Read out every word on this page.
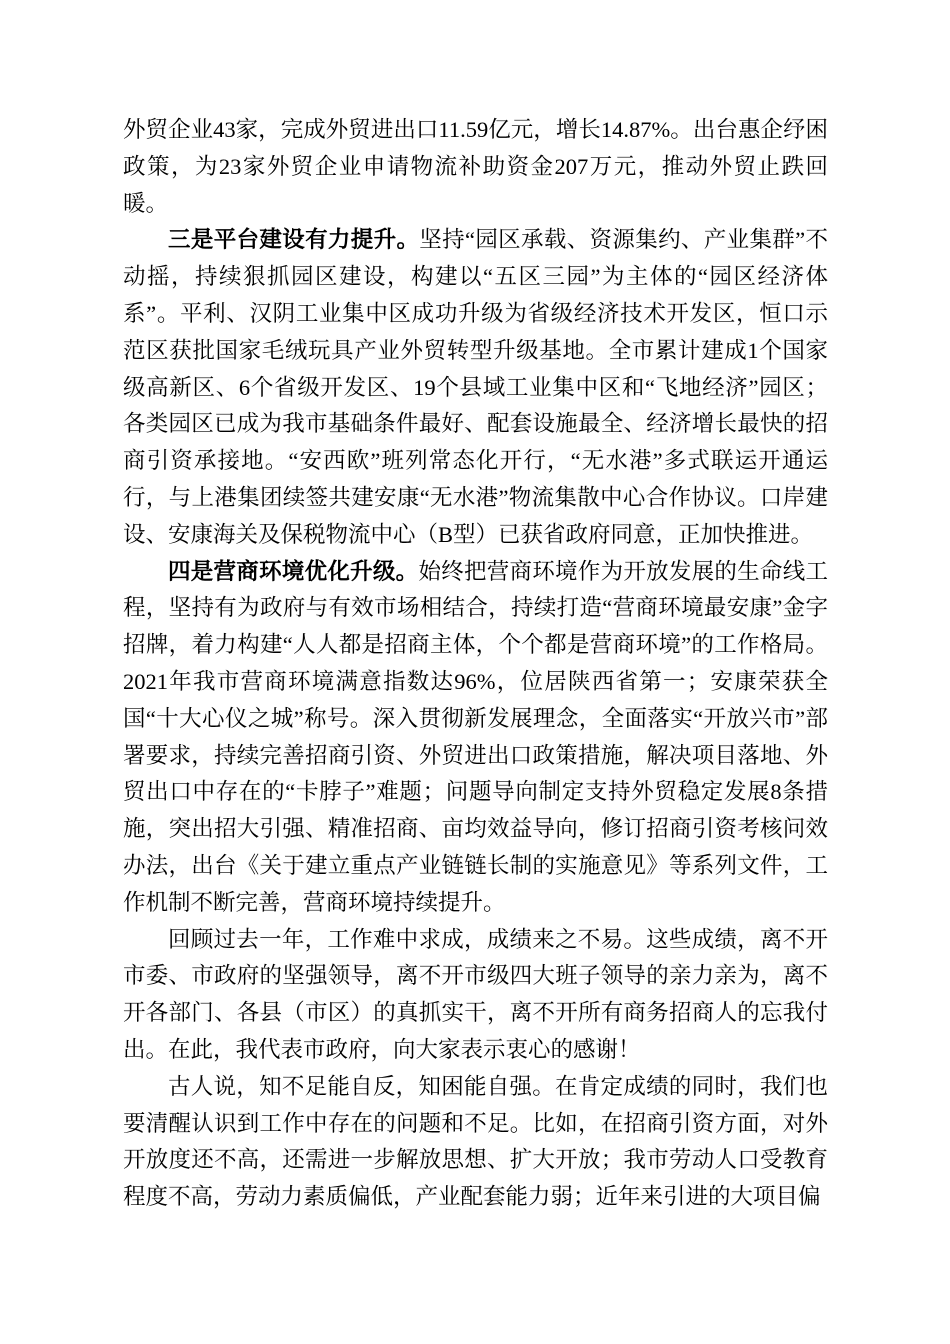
外贸企业43家，完成外贸进出口11.59亿元，增长14.87%。出台惠企纾困政策，为23家外贸企业申请物流补助资金207万元，推动外贸止跌回暖。

三是平台建设有力提升。坚持“园区承载、资源集约、产业集群”不动摇，持续狠抓园区建设，构建以“五区三园”为主体的“园区经济体系”。平利、汉阴工业集中区成功升级为省级经济技术开发区，恒口示范区获批国家毛绒玩具产业外贸转型升级基地。全市累计建成1个国家级高新区、6个省级开发区、19个县域工业集中区和“飞地经济”园区；各类园区已成为我市基础条件最好、配套设施最全、经济增长最快的招商引资承接地。“安西欧”班列常态化开行，“无水港”多式联运开通运行，与上港集团续签共建安康“无水港”物流集散中心合作协议。口岸建设、安康海关及保税物流中心（B型）已获省政府同意，正加快推进。

四是营商环境优化升级。始终把营商环境作为开放发展的生命线工程，坚持有为政府与有效市场相结合，持续打造“营商环境最安康”金字招牌，着力构建“人人都是招商主体，个个都是营商环境”的工作格局。2021年我市营商环境满意指数达96%，位居陕西省第一；安康荣获全国“十大心仪之城”称号。深入贯彻新发展理念，全面落实“开放兴市”部署要求，持续完善招商引资、外贸进出口政策措施，解决项目落地、外贸出口中存在的“卡脖子”难题；问题导向制定支持外贸稳定发展8条措施，突出招大引强、精准招商、亩均效益导向，修订招商引资考核问效办法，出台《关于建立重点产业链链长制的实施意见》等系列文件，工作机制不断完善，营商环境持续提升。

回顾过去一年，工作难中求成，成绩来之不易。这些成绩，离不开市委、市政府的坚强领导，离不开市级四大班子领导的亲力亲为，离不开各部门、各县（市区）的真抓实干，离不开所有商务招商人的忘我付出。在此，我代表市政府，向大家表示衷心的感谢！

古人说，知不足能自反，知困能自强。在肯定成绩的同时，我们也要清醒认识到工作中存在的问题和不足。比如，在招商引资方面，对外开放度还不高，还需进一步解放思想、扩大开放；我市劳动人口受教育程度不高，劳动力素质偏低，产业配套能力弱；近年来引进的大项目偏
